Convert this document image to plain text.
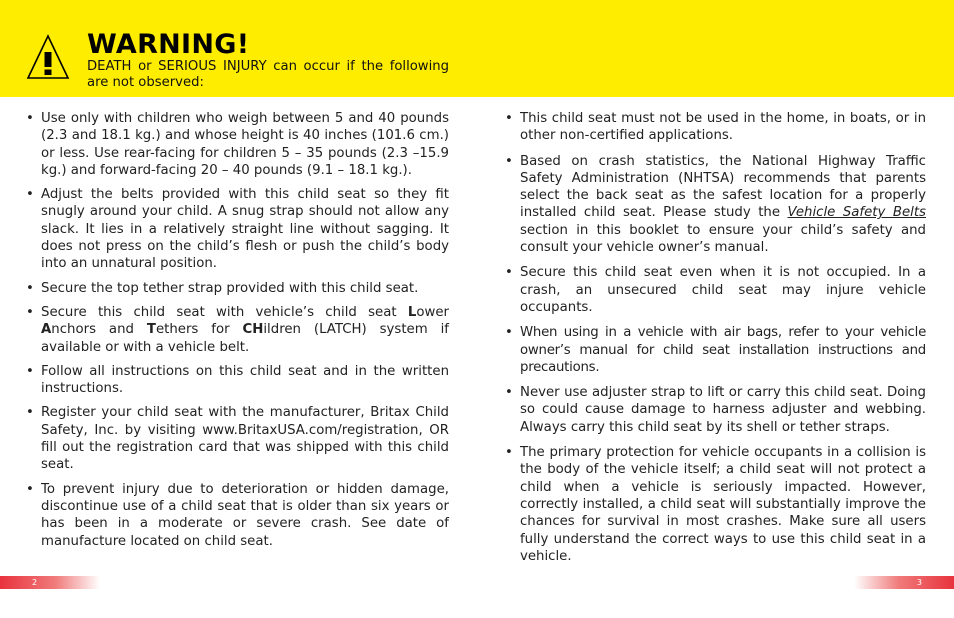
WARNING!
DEATH or SERIOUS INJURY can occur if the following are not observed:
• Use only with children who weigh between 5 and 40 pounds (2.3 and 18.1 kg.) and whose height is 40 inches (101.6 cm.) or less. Use rear-facing for children 5 – 35 pounds (2.3 –15.9 kg.) and forward-facing 20 – 40 pounds (9.1 – 18.1 kg.).
• Adjust the belts provided with this child seat so they fit snugly around your child. A snug strap should not allow any slack. It lies in a relatively straight line without sagging. It does not press on the child’s flesh or push the child’s body into an unnatural position.
• Secure the top tether strap provided with this child seat.
• Secure this child seat with vehicle’s child seat Lower Anchors and Tethers for CHildren (LATCH) system if available or with a vehicle belt.
• Follow all instructions on this child seat and in the written instructions.
• Register your child seat with the manufacturer, Britax Child Safety, Inc. by visiting www.BritaxUSA.com/registration, OR fill out the registration card that was shipped with this child seat.
• To prevent injury due to deterioration or hidden damage, discontinue use of a child seat that is older than six years or has been in a moderate or severe crash. See date of manufacture located on child seat.
• This child seat must not be used in the home, in boats, or in other non-certified applications.
• Based on crash statistics, the National Highway Traffic Safety Administration (NHTSA) recommends that parents select the back seat as the safest location for a properly installed child seat. Please study the Vehicle Safety Belts section in this booklet to ensure your child’s safety and consult your vehicle owner’s manual.
• Secure this child seat even when it is not occupied. In a crash, an unsecured child seat may injure vehicle occupants.
• When using in a vehicle with air bags, refer to your vehicle owner’s manual for child seat installation instructions and precautions.
• Never use adjuster strap to lift or carry this child seat. Doing so could cause damage to harness adjuster and webbing. Always carry this child seat by its shell or tether straps.
• The primary protection for vehicle occupants in a collision is the body of the vehicle itself; a child seat will not protect a child when a vehicle is seriously impacted. However, correctly installed, a child seat will substantially improve the chances for survival in most crashes. Make sure all users fully understand the correct ways to use this child seat in a vehicle.
2	3
